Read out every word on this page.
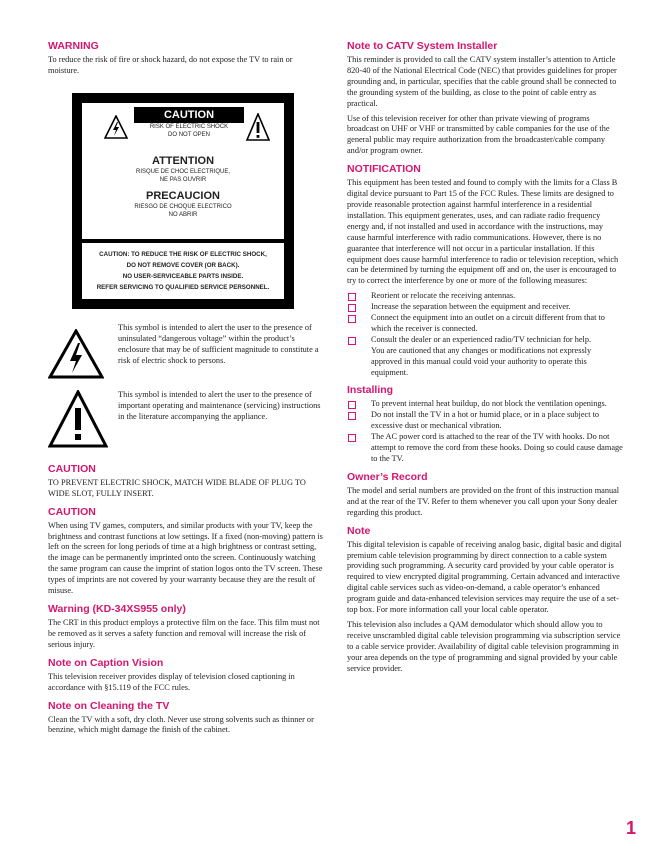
WARNING

To reduce the risk of fire or shock hazard, do not expose the TV to rain or moisture.

CAUTION
RISK OF ELECTRIC SHOCK
DO NOT OPEN
ATTENTION
RISQUE DE CHOC ELECTRIQUE,
NE PAS OUVRIR
PRECAUCION
RIESGO DE CHOQUE ELECTRICO
NO ABRIR
CAUTION: TO REDUCE THE RISK OF ELECTRIC SHOCK,
DO NOT REMOVE COVER (OR BACK).
NO USER-SERVICEABLE PARTS INSIDE.
REFER SERVICING TO QUALIFIED SERVICE PERSONNEL.

This symbol is intended to alert the user to the presence of uninsulated “dangerous voltage” within the product’s enclosure that may be of sufficient magnitude to constitute a risk of electric shock to persons.

This symbol is intended to alert the user to the presence of important operating and maintenance (servicing) instructions in the literature accompanying the appliance.

CAUTION

TO PREVENT ELECTRIC SHOCK, MATCH WIDE BLADE OF PLUG TO WIDE SLOT, FULLY INSERT.

CAUTION

When using TV games, computers, and similar products with your TV, keep the brightness and contrast functions at low settings. If a fixed (non-moving) pattern is left on the screen for long periods of time at a high brightness or contrast setting, the image can be permanently imprinted onto the screen. Continuously watching the same program can cause the imprint of station logos onto the TV screen. These types of imprints are not covered by your warranty because they are the result of misuse.

Warning (KD-34XS955 only)

The CRT in this product employs a protective film on the face. This film must not be removed as it serves a safety function and removal will increase the risk of serious injury.

Note on Caption Vision

This television receiver provides display of television closed captioning in accordance with §15.119 of the FCC rules.

Note on Cleaning the TV

Clean the TV with a soft, dry cloth. Never use strong solvents such as thinner or benzine, which might damage the finish of the cabinet.

Note to CATV System Installer

This reminder is provided to call the CATV system installer’s attention to Article 820-40 of the National Electrical Code (NEC) that provides guidelines for proper grounding and, in particular, specifies that the cable ground shall be connected to the grounding system of the building, as close to the point of cable entry as practical.

Use of this television receiver for other than private viewing of programs broadcast on UHF or VHF or transmitted by cable companies for the use of the general public may require authorization from the broadcaster/cable company and/or program owner.

NOTIFICATION

This equipment has been tested and found to comply with the limits for a Class B digital device pursuant to Part 15 of the FCC Rules. These limits are designed to provide reasonable protection against harmful interference in a residential installation. This equipment generates, uses, and can radiate radio frequency energy and, if not installed and used in accordance with the instructions, may cause harmful interference with radio communications. However, there is no guarantee that interference will not occur in a particular installation. If this equipment does cause harmful interference to radio or television reception, which can be determined by turning the equipment off and on, the user is encouraged to try to correct the interference by one or more of the following measures:

Reorient or relocate the receiving antennas.
Increase the separation between the equipment and receiver.
Connect the equipment into an outlet on a circuit different from that to which the receiver is connected.
Consult the dealer or an experienced radio/TV technician for help.
You are cautioned that any changes or modifications not expressly approved in this manual could void your authority to operate this equipment.
Installing
To prevent internal heat buildup, do not block the ventilation openings.
Do not install the TV in a hot or humid place, or in a place subject to excessive dust or mechanical vibration.
The AC power cord is attached to the rear of the TV with hooks. Do not attempt to remove the cord from these hooks. Doing so could cause damage to the TV.
Owner’s Record

The model and serial numbers are provided on the front of this instruction manual and at the rear of the TV. Refer to them whenever you call upon your Sony dealer regarding this product.

Note

This digital television is capable of receiving analog basic, digital basic and digital premium cable television programming by direct connection to a cable system providing such programming. A security card provided by your cable operator is required to view encrypted digital programming. Certain advanced and interactive digital cable services such as video-on-demand, a cable operator’s enhanced program guide and data-enhanced television services may require the use of a set-top box. For more information call your local cable operator.

This television also includes a QAM demodulator which should allow you to receive unscrambled digital cable television programming via subscription service to a cable service provider. Availability of digital cable television programming in your area depends on the type of programming and signal provided by your cable service provider.

1
